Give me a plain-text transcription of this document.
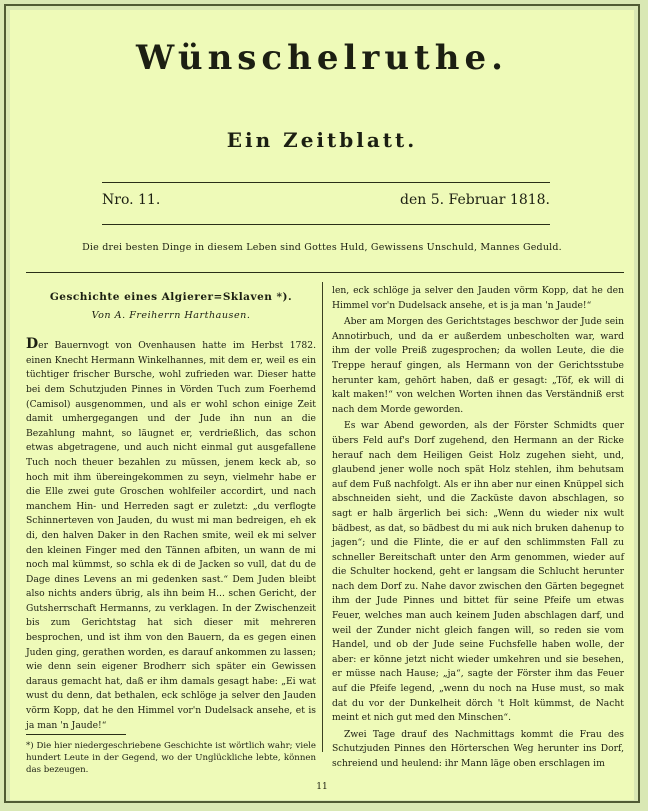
Wünschelruthe.
Ein Zeitblatt.
Nro. 11.	den 5. Februar 1818.
Die drei besten Dinge in diesem Leben sind Gottes Huld, Gewissens Unschuld, Mannes Geduld.
Geschichte eines Algierer=Sklaven *).
Von A. Freiherrn Harthausen.

Der Bauernvogt von Ovenhausen hatte im Herbst 1782. einen Knecht Hermann Winkelhannes, mit dem er, weil es ein tüchtiger frischer Bursche, wohl zufrieden war. Dieser hatte bei dem Schutzjuden Pinnes in Vörden Tuch zum Foerhemd (Camisol) ausgenommen, und als er wohl schon einige Zeit damit umhergegangen und der Jude ihn nun an die Bezahlung mahnt, so läugnet er, verdrießlich, das schon etwas abgetragene, und auch nicht einmal gut ausgefallene Tuch noch theuer bezahlen zu müssen, jenem keck ab, so hoch mit ihm übereingekommen zu seyn, vielmehr habe er die Elle zwei gute Groschen wohlfeiler accordirt, und nach manchem Hin- und Herreden sagt er zuletzt: „du verflogte Schinnerteven von Jauden, du wust mi man bedreigen, eh ek di, den halven Daker in den Rachen smite, weil ek mi selver den kleinen Finger med den Tännen afbiten, un wann de mi noch mal kümmst, so schla ek di de Jacken so vull, dat du de Dage dines Levens an mi gedenken sast.“ Dem Juden bleibt also nichts anders übrig, als ihn beim H... schen Gericht, der Gutsherrschaft Hermanns, zu verklagen. In der Zwischenzeit bis zum Gerichtstag hat sich dieser mit mehreren besprochen, und ist ihm von den Bauern, da es gegen einen Juden ging, gerathen worden, es darauf ankommen zu lassen; wie denn sein eigener Brodherr sich später ein Gewissen daraus gemacht hat, daß er ihm damals gesagt habe: „Ei wat wust du denn, dat bethalen, eck schlöge ja selver den Jauden vörm Kopp, dat he den Himmel vor'n Dudelsack ansehe, et is ja man 'n Jaude!“

len, eck schlöge ja selver den Jauden vörm Kopp, dat he den Himmel vor'n Dudelsack ansehe, et is ja man 'n Jaude!“

Aber am Morgen des Gerichtstages beschwor der Jude sein Annotirbuch, und da er außerdem unbescholten war, ward ihm der volle Preiß zugesprochen; da wollen Leute, die die Treppe herauf gingen, als Hermann von der Gerichtsstube herunter kam, gehört haben, daß er gesagt: „Töf, ek will di kalt maken!“ von welchen Worten ihnen das Verständniß erst nach dem Morde geworden.

Es war Abend geworden, als der Förster Schmidts quer übers Feld auf's Dorf zugehend, den Hermann an der Ricke herauf nach dem Heiligen Geist Holz zugehen sieht, und, glaubend jener wolle noch spät Holz stehlen, ihm behutsam auf dem Fuß nachfolgt. Als er ihn aber nur einen Knüppel sich abschneiden sieht, und die Zacküste davon abschlagen, so sagt er halb ärgerlich bei sich: „Wenn du wieder nix wult bädbest, as dat, so bädbest du mi auk nich bruken dahenup to jagen“; und die Flinte, die er auf den schlimmsten Fall zu schneller Bereitschaft unter den Arm genommen, wieder auf die Schulter hockend, geht er langsam die Schlucht herunter nach dem Dorf zu. Nahe davor zwischen den Gärten begegnet ihm der Jude Pinnes und bittet für seine Pfeife um etwas Feuer, welches man auch keinem Juden abschlagen darf, und weil der Zunder nicht gleich fangen will, so reden sie vom Handel, und ob der Jude seine Fuchsfelle haben wolle, der aber: er könne jetzt nicht wieder umkehren und sie besehen, er müsse nach Hause; „ja“, sagte der Förster ihm das Feuer auf die Pfeife legend, „wenn du noch na Huse must, so mak dat du vor der Dunkelheit dörch 't Holt kümmst, de Nacht meint et nich gut med den Minschen“.

Zwei Tage drauf des Nachmittags kommt die Frau des Schutzjuden Pinnes den Hörterschen Weg herunter ins Dorf, schreiend und heulend: ihr Mann läge oben erschlagen im

*) Die hier niedergeschriebene Geschichte ist wörtlich wahr; viele hundert Leute in der Gegend, wo der Unglückliche lebte, können das bezeugen.
11
